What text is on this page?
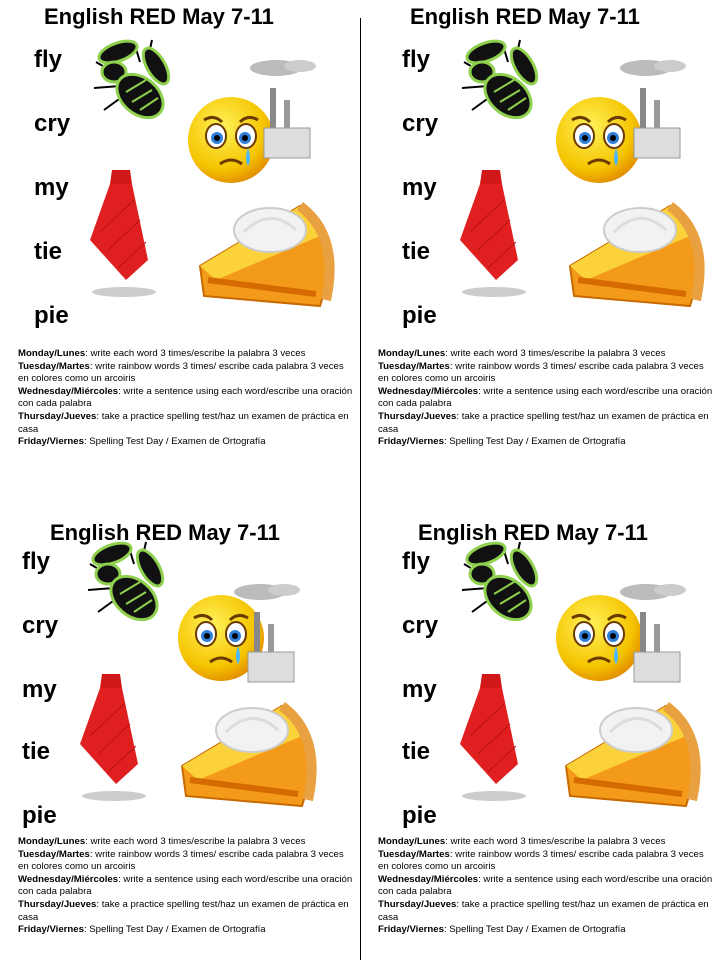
English RED May 7-11
fly
cry
my
tie
pie
Monday/Lunes: write each word 3 times/escribe la palabra 3 veces
Tuesday/Martes: write rainbow words 3 times/ escribe cada palabra 3 veces en colores como un arcoiris
Wednesday/Miércoles: write a sentence using each word/escribe una oración con cada palabra
Thursday/Jueves: take a practice spelling test/haz un examen de práctica en casa
Friday/Viernes: Spelling Test Day / Examen de Ortografía
English RED May 7-11
fly
cry
my
tie
pie
Monday/Lunes: write each word 3 times/escribe la palabra 3 veces
Tuesday/Martes: write rainbow words 3 times/ escribe cada palabra 3 veces en colores como un arcoiris
Wednesday/Miércoles: write a sentence using each word/escribe una oración con cada palabra
Thursday/Jueves: take a practice spelling test/haz un examen de práctica en casa
Friday/Viernes: Spelling Test Day / Examen de Ortografía
English RED May 7-11
fly
cry
my
tie
pie
Monday/Lunes: write each word 3 times/escribe la palabra 3 veces
Tuesday/Martes: write rainbow words 3 times/ escribe cada palabra 3 veces en colores como un arcoiris
Wednesday/Miércoles: write a sentence using each word/escribe una oración con cada palabra
Thursday/Jueves: take a practice spelling test/haz un examen de práctica en casa
Friday/Viernes: Spelling Test Day / Examen de Ortografía
English RED May 7-11
fly
cry
my
tie
pie
Monday/Lunes: write each word 3 times/escribe la palabra 3 veces
Tuesday/Martes: write rainbow words 3 times/ escribe cada palabra 3 veces en colores como un arcoiris
Wednesday/Miércoles: write a sentence using each word/escribe una oración con cada palabra
Thursday/Jueves: take a practice spelling test/haz un examen de práctica en casa
Friday/Viernes: Spelling Test Day / Examen de Ortografía
